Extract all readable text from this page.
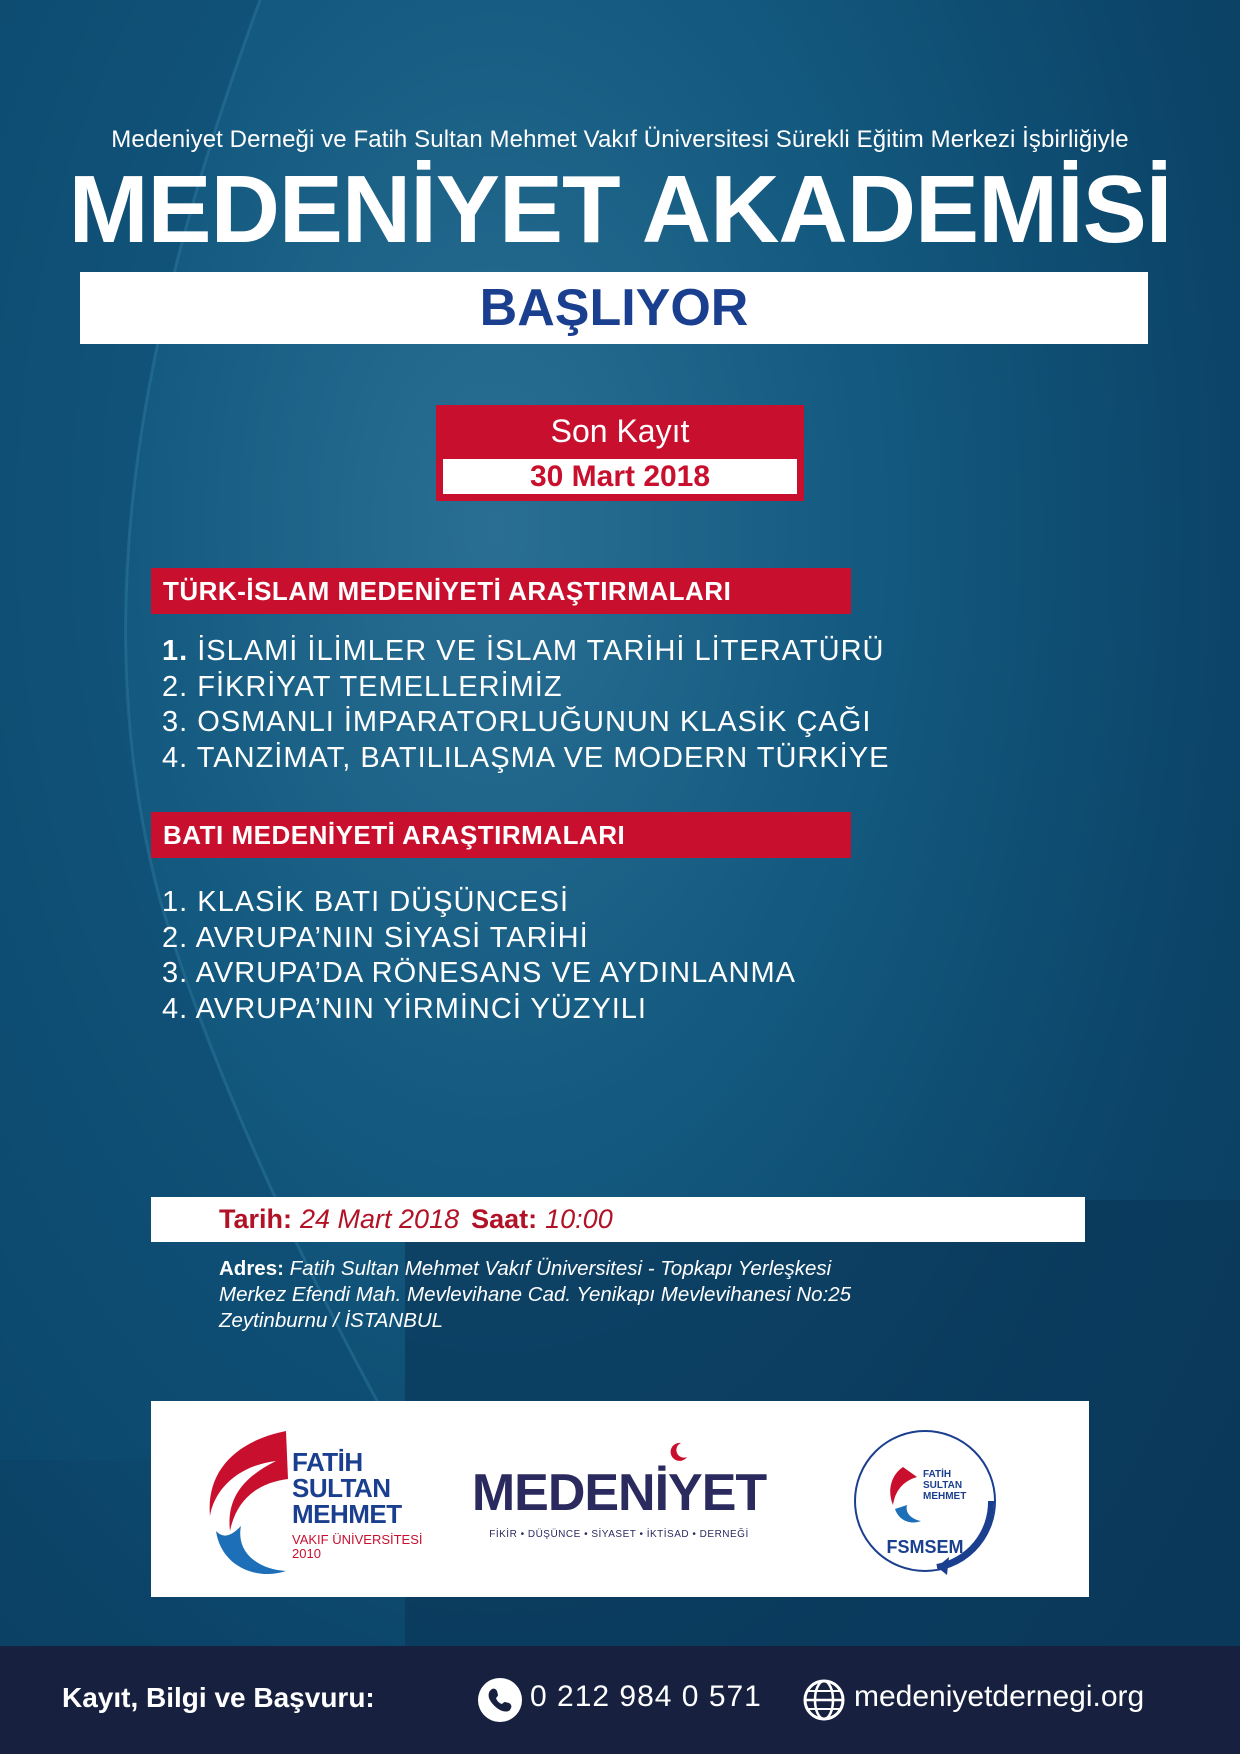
Medeniyet Derneği ve Fatih Sultan Mehmet Vakıf Üniversitesi Sürekli Eğitim Merkezi İşbirliğiyle
MEDENİYET AKADEMİSİ
BAŞLIYOR
Son Kayıt
30 Mart 2018
TÜRK-İSLAM MEDENİYETİ ARAŞTIRMALARI
1. İSLAMİ İLİMLER VE İSLAM TARİHİ LİTERATÜRÜ
2. FİKRİYAT TEMELLERİMİZ
3. OSMANLI İMPARATORLUĞUNUN KLASİK ÇAĞI
4. TANZİMAT, BATILILAŞMA VE MODERN TÜRKİYE
BATI MEDENİYETİ ARAŞTIRMALARI
1. KLASİK BATI DÜŞÜNCESİ
2. AVRUPA’NIN SİYASİ TARİHİ
3. AVRUPA’DA RÖNESANS VE AYDINLANMA
4. AVRUPA’NIN YİRMİNCİ YÜZYILI
Tarih: 24 Mart 2018 Saat: 10:00
Adres: Fatih Sultan Mehmet Vakıf Üniversitesi - Topkapı Yerleşkesi
Merkez Efendi Mah. Mevlevihane Cad. Yenikapı Mevlevihanesi No:25
Zeytinburnu / İSTANBUL
FATİH
SULTAN
MEHMET
VAKIF ÜNİVERSİTESİ
2010
MEDENİYET
FİKİR • DÜŞÜNCE • SİYASET • İKTİSAD • DERNEĞİ
FATİH
SULTAN
MEHMET
FSMSEM
Kayıt, Bilgi ve Başvuru:	0 212 984 0 571	medeniyetdernegi.org
